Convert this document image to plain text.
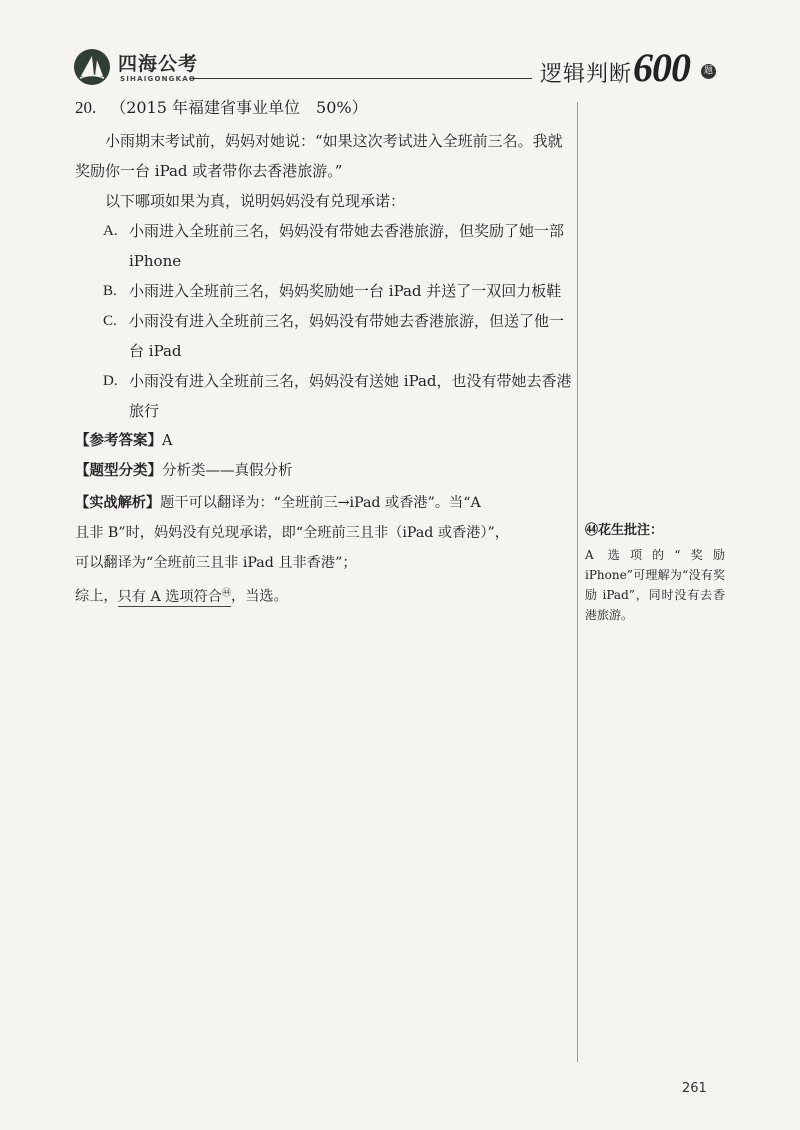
四海公考
SIHAIGONGKAO	逻辑判断 600	题

20. （2015 年福建省事业单位　50%）

小雨期末考试前，妈妈对她说：“如果这次考试进入全班前三名。我就奖励你一台 iPad 或者带你去香港旅游。”

以下哪项如果为真，说明妈妈没有兑现承诺：

A. 小雨进入全班前三名，妈妈没有带她去香港旅游，但奖励了她一部 iPhone
B. 小雨进入全班前三名，妈妈奖励她一台 iPad 并送了一双回力板鞋
C. 小雨没有进入全班前三名，妈妈没有带她去香港旅游，但送了他一台 iPad
D. 小雨没有进入全班前三名，妈妈没有送她 iPad，也没有带她去香港旅行

【参考答案】A

【题型分类】分析类——真假分析

【实战解析】题干可以翻译为：“全班前三→iPad 或香港”。当“A
且非 B”时，妈妈没有兑现承诺，即“全班前三且非（iPad 或香港）”，
可以翻译为“全班前三且非 iPad 且非香港”；
综上，只有 A 选项符合$^㊹$，当选。
㊹花生批注：
A 选项的“奖励 iPhone”可理解为“没有奖励 iPad”，同时没有去香港旅游。
261
